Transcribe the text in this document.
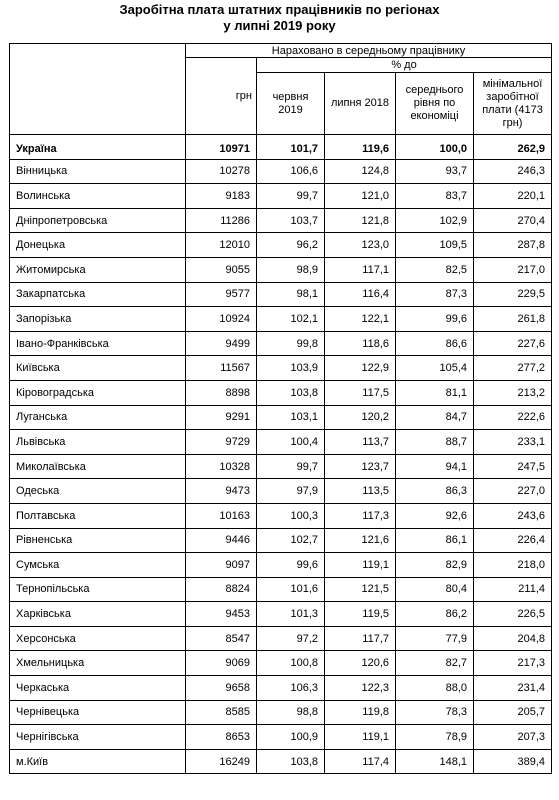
Заробітна плата штатних працівників по регіонах
у липні 2019 року
	Нараховано в середньому працівнику				
	грн	% до			
		червня 2019	липня 2018	середнього рівня по економіці	мінімальної заробітної плати (4173 грн)
Україна	10971	101,7	119,6	100,0	262,9
Вінницька	10278	106,6	124,8	93,7	246,3
Волинська	9183	99,7	121,0	83,7	220,1
Дніпропетровська	11286	103,7	121,8	102,9	270,4
Донецька	12010	96,2	123,0	109,5	287,8
Житомирська	9055	98,9	117,1	82,5	217,0
Закарпатська	9577	98,1	116,4	87,3	229,5
Запорізька	10924	102,1	122,1	99,6	261,8
Івано-Франківська	9499	99,8	118,6	86,6	227,6
Київська	11567	103,9	122,9	105,4	277,2
Кіровоградська	8898	103,8	117,5	81,1	213,2
Луганська	9291	103,1	120,2	84,7	222,6
Львівська	9729	100,4	113,7	88,7	233,1
Миколаївська	10328	99,7	123,7	94,1	247,5
Одеська	9473	97,9	113,5	86,3	227,0
Полтавська	10163	100,3	117,3	92,6	243,6
Рівненська	9446	102,7	121,6	86,1	226,4
Сумська	9097	99,6	119,1	82,9	218,0
Тернопільська	8824	101,6	121,5	80,4	211,4
Харківська	9453	101,3	119,5	86,2	226,5
Херсонська	8547	97,2	117,7	77,9	204,8
Хмельницька	9069	100,8	120,6	82,7	217,3
Черкаська	9658	106,3	122,3	88,0	231,4
Чернівецька	8585	98,8	119,8	78,3	205,7
Чернігівська	8653	100,9	119,1	78,9	207,3
м.Київ	16249	103,8	117,4	148,1	389,4
